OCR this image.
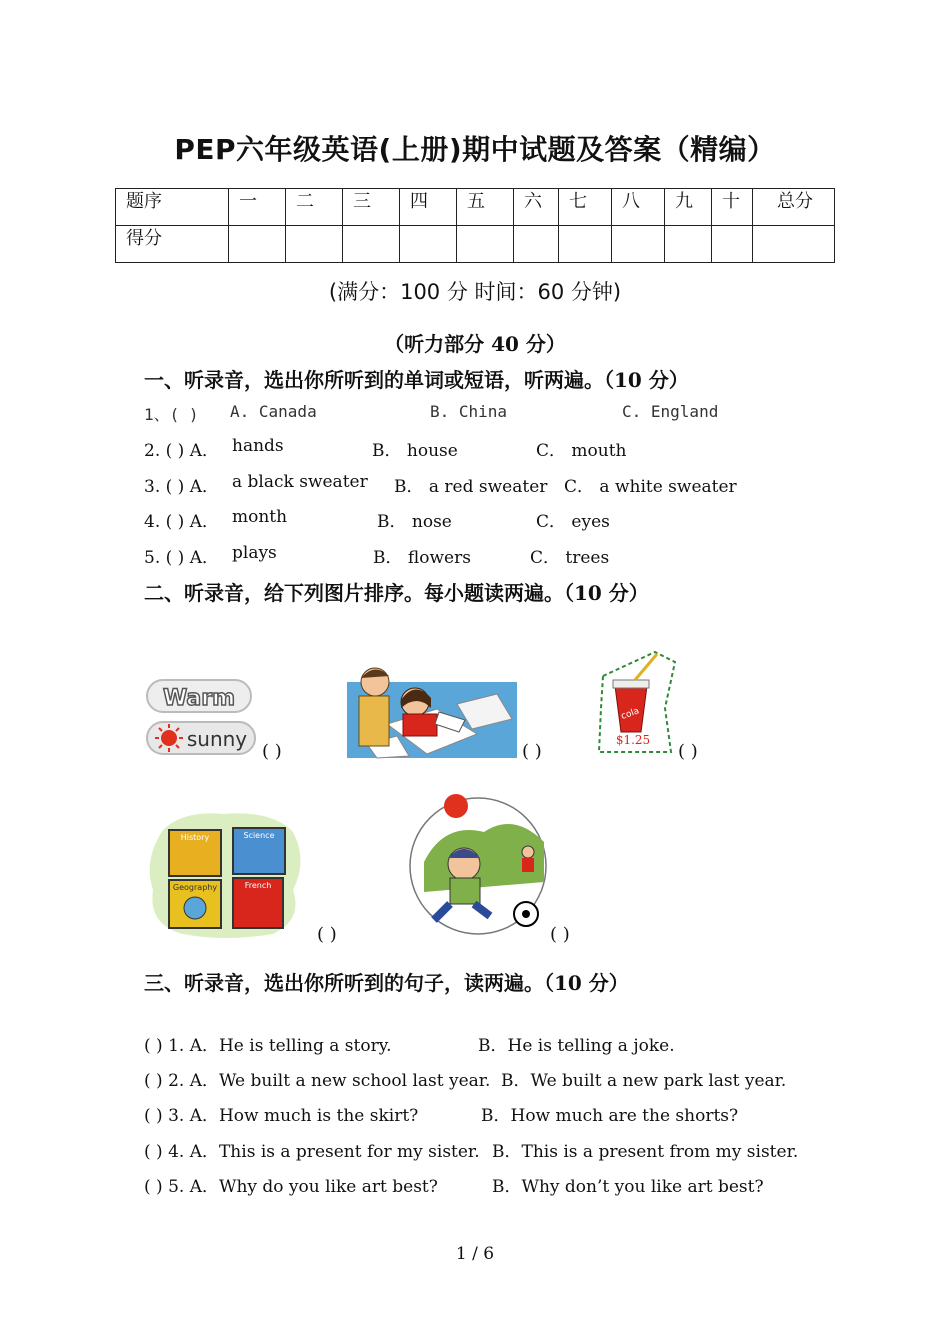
PEP六年级英语(上册)期中试题及答案（精编）
题序	一	二	三	四	五	六	七	八	九	十	总分
得分											
(满分：100 分 时间：60 分钟)
（听力部分 40 分）
一、听录音，选出你所听到的单词或短语，听两遍。（10 分）
1、( ) A. Canada	B. China	C. England
2. ( ) A． hands	B． house	C． mouth
3. ( ) A． a black sweater B． a red sweater C． a white sweater
4. ( ) A． month	B． nose	C． eyes
5. ( ) A． plays	B． flowers	C． trees
二、听录音，给下列图片排序。每小题读两遍。（10 分）
Warm
sunny
( )	( )
cola
$1.25
( )
History	Science
Geography	French
( )	( )
三、听录音，选出你所听到的句子，读两遍。（10 分）
( ) 1. A．He is telling a story.	B．He is telling a joke.
( ) 2. A．We built a new school last year. B．We built a new park last year.
( ) 3. A．How much is the skirt?	B．How much are the shorts?
( ) 4. A．This is a present for my sister. B．This is a present from my sister.
( ) 5. A．Why do you like art best?	B．Why don’t you like art best?
1 / 6
